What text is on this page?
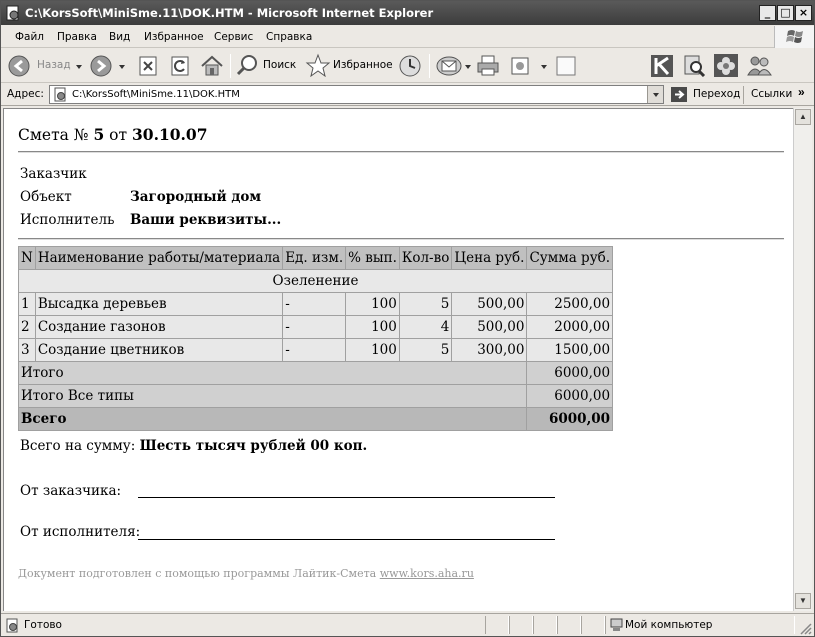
C:\KorsSoft\MiniSme.11\DOK.HTM - Microsoft Internet Explorer	_ □ ×
Файл Правка Вид Избранное Сервис Справка
Назад	Поиск	Избранное
Адрес:	C:\KorsSoft\MiniSme.11\DOK.HTM	Переход Ссылки »
Смета № 5 от 30.10.07
Заказчик
Объект	Загородный дом
Исполнитель Ваши реквизиты...
N	Наименование работы/материала	Ед. изм.	% вып.	Кол-во	Цена руб.	Сумма руб.
Озеленение						
1	Высадка деревьев	-	100	5	500,00	2500,00
2	Создание газонов	-	100	4	500,00	2000,00
3	Создание цветников	-	100	5	300,00	1500,00
Итого						6000,00
Итого Все типы						6000,00
Всего						6000,00
Всего на сумму: Шесть тысяч рублей 00 коп.
От заказчика:
От исполнителя:
Документ подготовлен с помощью программы Лайтик-Смета www.kors.aha.ru
▲
▼
Готово	Мой компьютер
